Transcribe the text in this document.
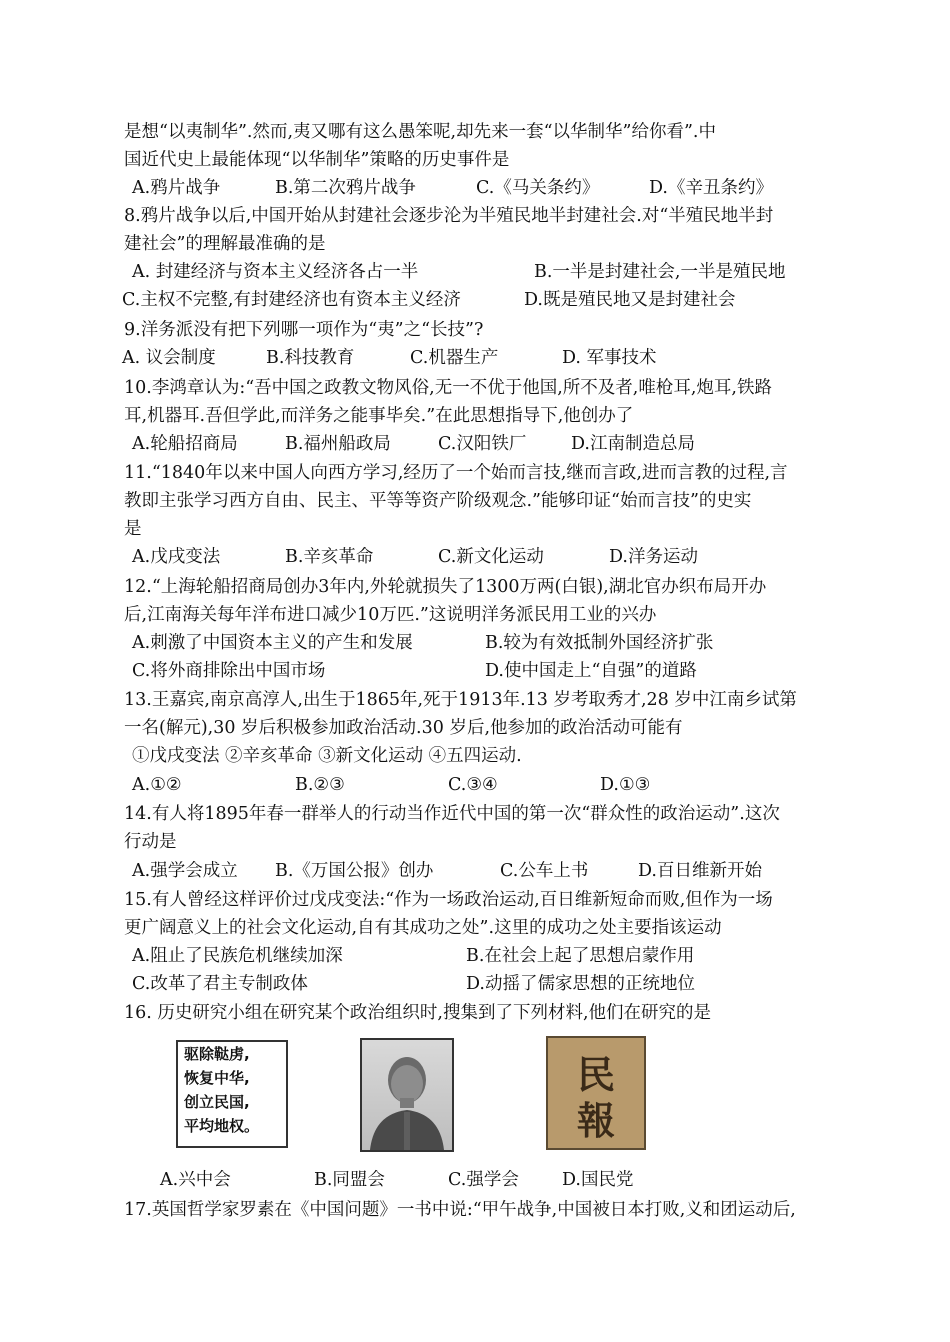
是想“以夷制华”.然而,夷又哪有这么愚笨呢,却先来一套“以华制华”给你看”.中
国近代史上最能体现“以华制华”策略的历史事件是
A.鸦片战争	B.第二次鸦片战争	C.《马关条约》	D.《辛丑条约》
8.鸦片战争以后,中国开始从封建社会逐步沦为半殖民地半封建社会.对“半殖民地半封
建社会”的理解最准确的是
A. 封建经济与资本主义经济各占一半	B.一半是封建社会,一半是殖民地
C.主权不完整,有封建经济也有资本主义经济	D.既是殖民地又是封建社会
9.洋务派没有把下列哪一项作为“夷”之“长技”?
A. 议会制度	B.科技教育	C.机器生产	D. 军事技术
10.李鸿章认为:“吾中国之政教文物风俗,无一不优于他国,所不及者,唯枪耳,炮耳,铁路
耳,机器耳.吾但学此,而洋务之能事毕矣.”在此思想指导下,他创办了
A.轮船招商局	B.福州船政局	C.汉阳铁厂	D.江南制造总局
11.“1840年以来中国人向西方学习,经历了一个始而言技,继而言政,进而言教的过程,言
教即主张学习西方自由、民主、平等等资产阶级观念.”能够印证“始而言技”的史实
是
A.戊戌变法	B.辛亥革命	C.新文化运动	D.洋务运动
12.“上海轮船招商局创办3年内,外轮就损失了1300万两(白银),湖北官办织布局开办
后,江南海关每年洋布进口减少10万匹.”这说明洋务派民用工业的兴办
A.刺激了中国资本主义的产生和发展	B.较为有效抵制外国经济扩张
C.将外商排除出中国市场	D.使中国走上“自强”的道路
13.王嘉宾,南京高淳人,出生于1865年,死于1913年.13 岁考取秀才,28 岁中江南乡试第
一名(解元),30 岁后积极参加政治活动.30 岁后,他参加的政治活动可能有
①戊戌变法 ②辛亥革命 ③新文化运动 ④五四运动.
A.①②	B.②③	C.③④	D.①③
14.有人将1895年春一群举人的行动当作近代中国的第一次“群众性的政治运动”.这次
行动是
A.强学会成立 B.《万国公报》创办	C.公车上书	D.百日维新开始
15.有人曾经这样评价过戊戌变法:“作为一场政治运动,百日维新短命而败,但作为一场
更广阔意义上的社会文化运动,自有其成功之处”.这里的成功之处主要指该运动
A.阻止了民族危机继续加深	B.在社会上起了思想启蒙作用
C.改革了君主专制政体	D.动摇了儒家思想的正统地位
16. 历史研究小组在研究某个政治组织时,搜集到了下列材料,他们在研究的是
驱除鞑虏,
恢复中华,
创立民国,
平均地权。
民
報
A.兴中会	B.同盟会	C.强学会 D.国民党
17.英国哲学家罗素在《中国问题》一书中说:“甲午战争,中国被日本打败,义和团运动后,
